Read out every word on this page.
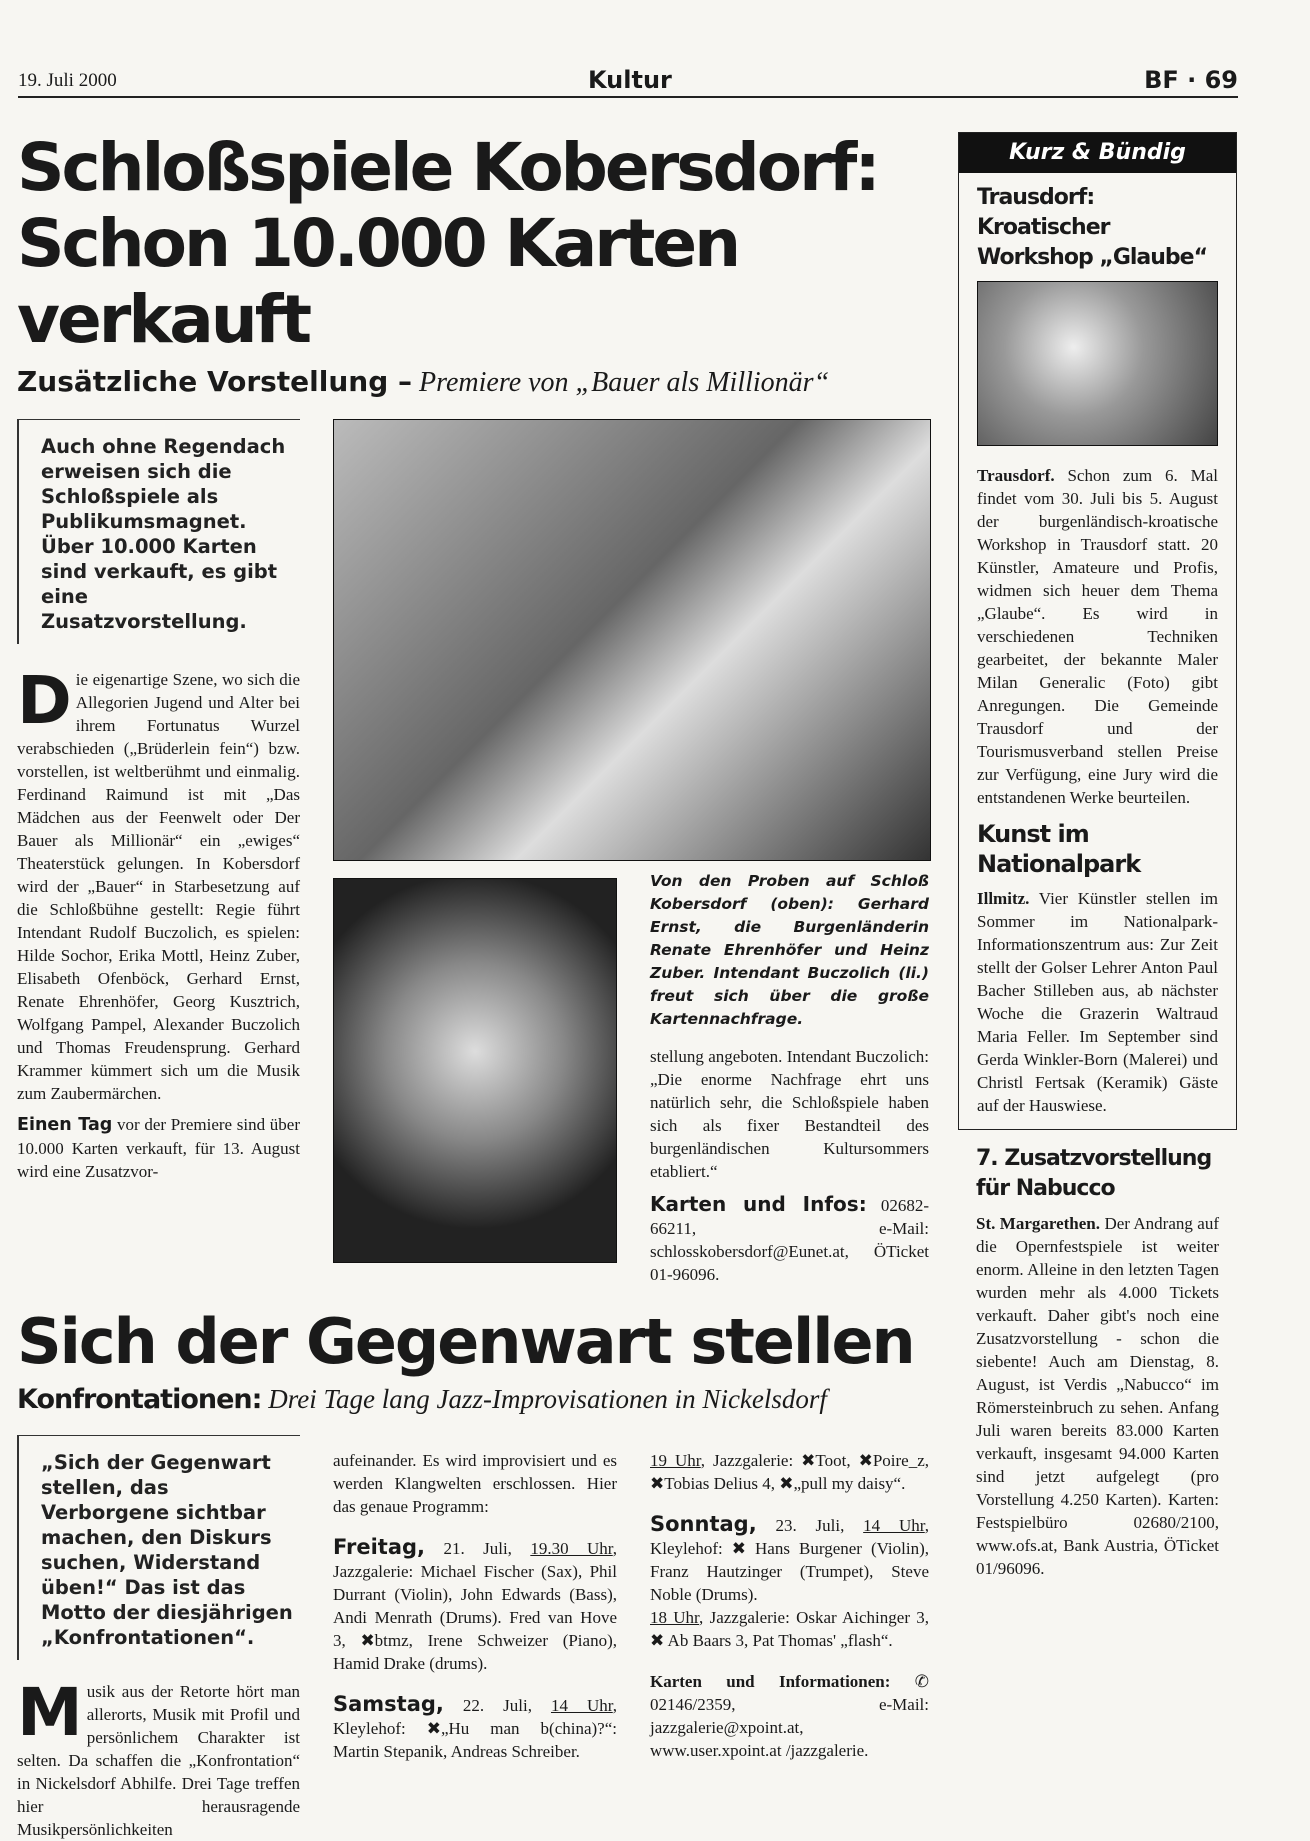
19. Juli 2000	Kultur	BF · 69
Schloßspiele Kobersdorf:
Schon 10.000 Karten verkauft
Zusätzliche Vorstellung – Premiere von „Bauer als Millionär“
Auch ohne Regendach erweisen sich die Schloßspiele als Publikumsmagnet. Über 10.000 Karten sind verkauft, es gibt eine Zusatzvorstellung.
Die eigenartige Szene, wo sich die Allegorien Jugend und Alter bei ihrem Fortunatus Wurzel verabschieden („Brüderlein fein“) bzw. vorstellen, ist weltberühmt und einmalig. Ferdinand Raimund ist mit „Das Mädchen aus der Feenwelt oder Der Bauer als Millionär“ ein „ewiges“ Theaterstück gelungen. In Kobersdorf wird der „Bauer“ in Starbesetzung auf die Schloßbühne gestellt: Regie führt Intendant Rudolf Buczolich, es spielen: Hilde Sochor, Erika Mottl, Heinz Zuber, Elisabeth Ofenböck, Gerhard Ernst, Renate Ehrenhöfer, Georg Kusztrich, Wolfgang Pampel, Alexander Buczolich und Thomas Freudensprung. Gerhard Krammer kümmert sich um die Musik zum Zaubermärchen.
Einen Tag vor der Premiere sind über 10.000 Karten verkauft, für 13. August wird eine Zusatzvor-
Von den Proben auf Schloß Kobersdorf (oben): Gerhard Ernst, die Burgenländerin Renate Ehrenhöfer und Heinz Zuber. Intendant Buczolich (li.) freut sich über die große Kartennachfrage.
stellung angeboten. Intendant Buczolich: „Die enorme Nachfrage ehrt uns natürlich sehr, die Schloßspiele haben sich als fixer Bestandteil des burgenländischen Kultursommers etabliert.“
Karten und Infos: 02682-66211, e-Mail: schlosskobersdorf@Eunet.at, ÖTicket 01-96096.
Sich der Gegenwart stellen
Konfrontationen: Drei Tage lang Jazz-Improvisationen in Nickelsdorf
„Sich der Gegenwart stellen, das Verborgene sichtbar machen, den Diskurs suchen, Widerstand üben!“ Das ist das Motto der diesjährigen „Konfrontationen“.
Musik aus der Retorte hört man allerorts, Musik mit Profil und persönlichem Charakter ist selten. Da schaffen die „Konfrontation“ in Nickelsdorf Abhilfe. Drei Tage treffen hier herausragende Musikpersönlichkeiten
aufeinander. Es wird improvisiert und es werden Klangwelten erschlossen. Hier das genaue Programm:
Freitag, 21. Juli, 19.30 Uhr, Jazzgalerie: Michael Fischer (Sax), Phil Durrant (Violin), John Edwards (Bass), Andi Menrath (Drums). Fred van Hove 3, ✖btmz, Irene Schweizer (Piano), Hamid Drake (drums).
Samstag, 22. Juli, 14 Uhr, Kleylehof: ✖„Hu man b(china)?“: Martin Stepanik, Andreas Schreiber.
19 Uhr, Jazzgalerie: ✖Toot, ✖Poire_z, ✖Tobias Delius 4, ✖„pull my daisy“.
Sonntag, 23. Juli, 14 Uhr, Kleylehof: ✖ Hans Burgener (Violin), Franz Hautzinger (Trumpet), Steve Noble (Drums).
18 Uhr, Jazzgalerie: Oskar Aichinger 3, ✖ Ab Baars 3, Pat Thomas' „flash“.
Karten und Informationen: ✆ 02146/2359, e-Mail: jazzgalerie@xpoint.at, www.user.xpoint.at /jazzgalerie.
Kurz & Bündig
Trausdorf: Kroatischer Workshop „Glaube“
Trausdorf. Schon zum 6. Mal findet vom 30. Juli bis 5. August der burgenländisch-kroatische Workshop in Trausdorf statt. 20 Künstler, Amateure und Profis, widmen sich heuer dem Thema „Glaube“. Es wird in verschiedenen Techniken gearbeitet, der bekannte Maler Milan Generalic (Foto) gibt Anregungen. Die Gemeinde Trausdorf und der Tourismusverband stellen Preise zur Verfügung, eine Jury wird die entstandenen Werke beurteilen.
Kunst im Nationalpark
Illmitz. Vier Künstler stellen im Sommer im Nationalpark-Informationszentrum aus: Zur Zeit stellt der Golser Lehrer Anton Paul Bacher Stilleben aus, ab nächster Woche die Grazerin Waltraud Maria Feller. Im September sind Gerda Winkler-Born (Malerei) und Christl Fertsak (Keramik) Gäste auf der Hauswiese.
7. Zusatzvorstellung für Nabucco
St. Margarethen. Der Andrang auf die Opernfestspiele ist weiter enorm. Alleine in den letzten Tagen wurden mehr als 4.000 Tickets verkauft. Daher gibt's noch eine Zusatzvorstellung - schon die siebente! Auch am Dienstag, 8. August, ist Verdis „Nabucco“ im Römersteinbruch zu sehen. Anfang Juli waren bereits 83.000 Karten verkauft, insgesamt 94.000 Karten sind jetzt aufgelegt (pro Vorstellung 4.250 Karten). Karten: Festspielbüro 02680/2100, www.ofs.at, Bank Austria, ÖTicket 01/96096.
